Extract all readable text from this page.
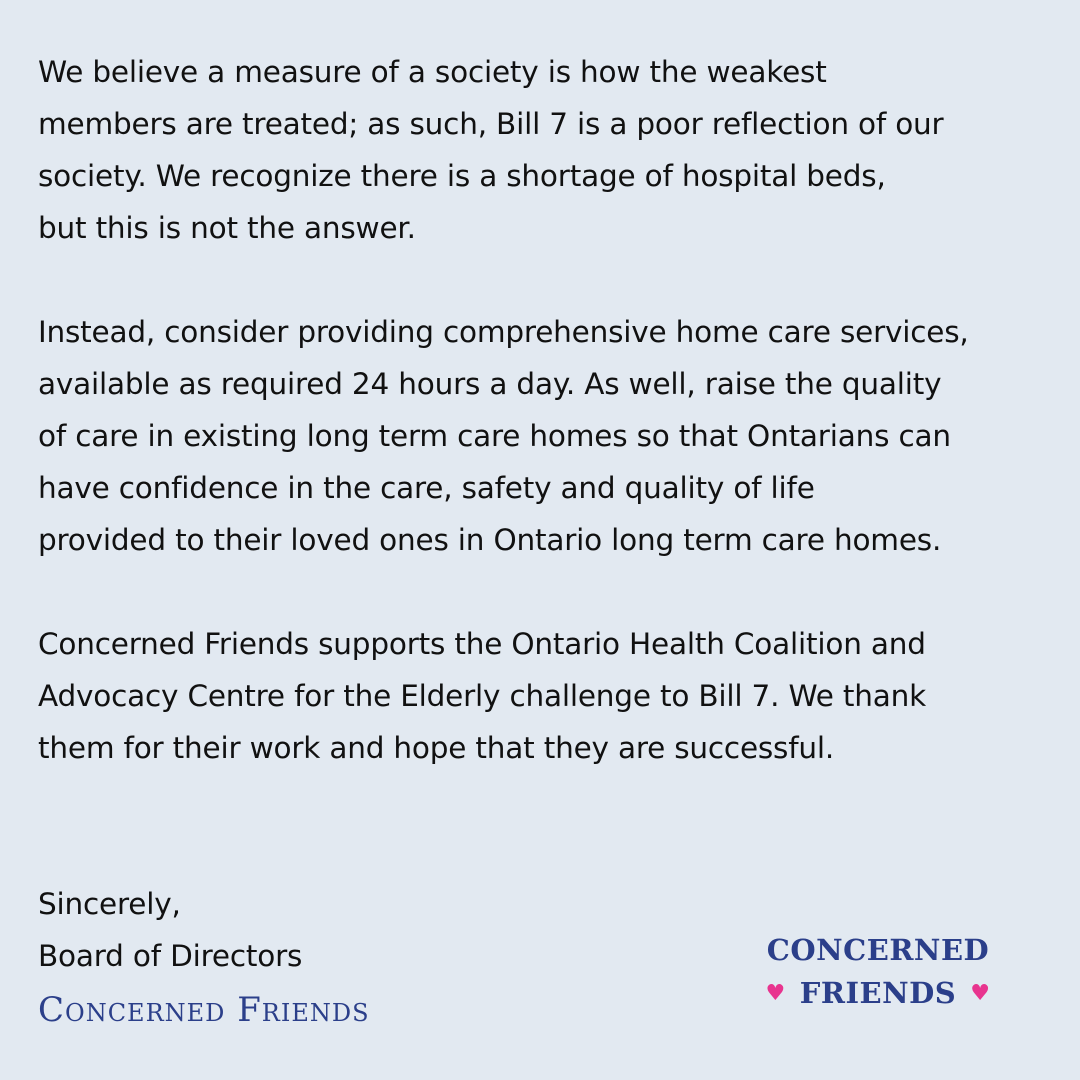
We believe a measure of a society is how the weakest
members are treated; as such, Bill 7 is a poor reflection of our
society. We recognize there is a shortage of hospital beds,
but this is not the answer.

Instead, consider providing comprehensive home care services,
available as required 24 hours a day. As well, raise the quality
of care in existing long term care homes so that Ontarians can
have confidence in the care, safety and quality of life
provided to their loved ones in Ontario long term care homes.

Concerned Friends supports the Ontario Health Coalition and
Advocacy Centre for the Elderly challenge to Bill 7. We thank
them for their work and hope that they are successful.

Sincerely,
Board of Directors
Concerned Friends
CONCERNED
♥ FRIENDS ♥
